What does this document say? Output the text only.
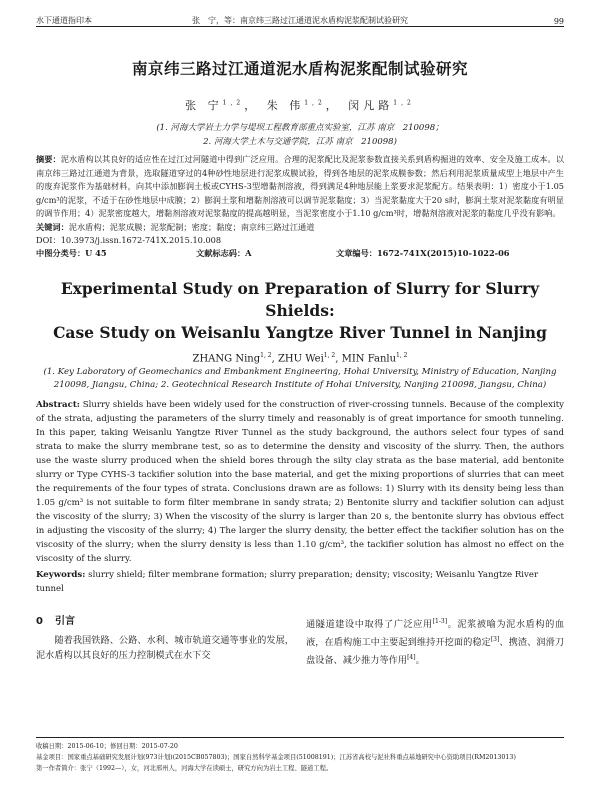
水下通道指印本	张　宁，等：南京纬三路过江通道泥水盾构泥浆配制试验研究	99
南京纬三路过江通道泥水盾构泥浆配制试验研究
张 宁$^{1,2}$， 朱 伟$^{1,2}$， 闵凡路$^{1,2}$
(1. 河海大学岩土力学与堤坝工程教育部重点实验室，江苏 南京　210098；
2. 河海大学土木与交通学院，江苏 南京　210098)
摘要：泥水盾构以其良好的适应性在过江过河隧道中得到广泛应用。合理的泥浆配比及泥浆参数直接关系到盾构掘进的效率、安全及施工成本。以南京纬三路过江通道为背景，选取隧道穿过的4种砂性地层进行泥浆成膜试验，得到各地层的泥浆成膜参数；然后利用泥浆质量成型上地层中产生的废弃泥浆作为基础材料，向其中添加膨润土板或CYHS-3型增黏剂溶液，得到满足4种地层能上浆要求泥浆配方。结果表明：1）密度小于1.05 g/cm³的泥浆，不适于在砂性地层中成膜；2）膨润土浆和增黏剂溶液可以调节泥浆黏度；3）当泥浆黏度大于20 s时，膨润土浆对泥浆黏度有明显的调节作用；4）泥浆密度越大，增黏剂溶液对泥浆黏度的提高越明显，当泥浆密度小于1.10 g/cm³时，增黏剂溶液对泥浆的黏度几乎没有影响。
关键词：泥水盾构；泥浆成膜；泥浆配制；密度；黏度；南京纬三路过江通道
DOI：10.3973/j.issn.1672-741X.2015.10.008
中图分类号：U 45	文献标志码：A	文章编号：1672-741X(2015)10-1022-06
Experimental Study on Preparation of Slurry for Slurry Shields:
Case Study on Weisanlu Yangtze River Tunnel in Nanjing
ZHANG Ning$^{1, 2}$, ZHU Wei$^{1, 2}$, MIN Fanlu$^{1, 2}$
(1. Key Laboratory of Geomechanics and Embankment Engineering, Hohai University, Ministry of Education, Nanjing
210098, Jiangsu, China; 2. Geotechnical Research Institute of Hohai University, Nanjing 210098, Jiangsu, China)
Abstract: Slurry shields have been widely used for the construction of river-crossing tunnels. Because of the complexity of the strata, adjusting the parameters of the slurry timely and reasonably is of great importance for smooth tunneling. In this paper, taking Weisanlu Yangtze River Tunnel as the study background, the authors select four types of sand strata to make the slurry membrane test, so as to determine the density and viscosity of the slurry. Then, the authors use the waste slurry produced when the shield bores through the silty clay strata as the base material, add bentonite slurry or Type CYHS-3 tackifier solution into the base material, and get the mixing proportions of slurries that can meet the requirements of the four types of strata. Conclusions drawn are as follows: 1) Slurry with its density being less than 1.05 g/cm³ is not suitable to form filter membrane in sandy strata; 2) Bentonite slurry and tackifier solution can adjust the viscosity of the slurry; 3) When the viscosity of the slurry is larger than 20 s, the bentonite slurry has obvious effect in adjusting the viscosity of the slurry; 4) The larger the slurry density, the better effect the tackifier solution has on the viscosity of the slurry; when the slurry density is less than 1.10 g/cm³, the tackifier solution has almost no effect on the viscosity of the slurry.
Keywords: slurry shield; filter membrane formation; slurry preparation; density; viscosity; Weisanlu Yangtze River tunnel
0 引言
随着我国铁路、公路、水利、城市轨道交通等事业的发展，泥水盾构以其良好的压力控制模式在水下交
通隧道建设中取得了广泛应用[1-3]。泥浆被喻为泥水盾构的血液，在盾构施工中主要起到维持开挖面的稳定[3]、携渣、润滑刀盘设备、减少推力等作用[4]。
收稿日期：2015-06-10；修回日期：2015-07-20
基金项目：国家重点基础研究发展计划(973计划)(2015CB057803)；国家自然科学基金项目(51008191)；江苏省高校与泥社科重点基地研究中心资助项目(RM2013013)
第一作者简介：张宁（1992—），女，河北邢州人，河海大学在读硕士，研究方向为岩土工程、隧道工程。
